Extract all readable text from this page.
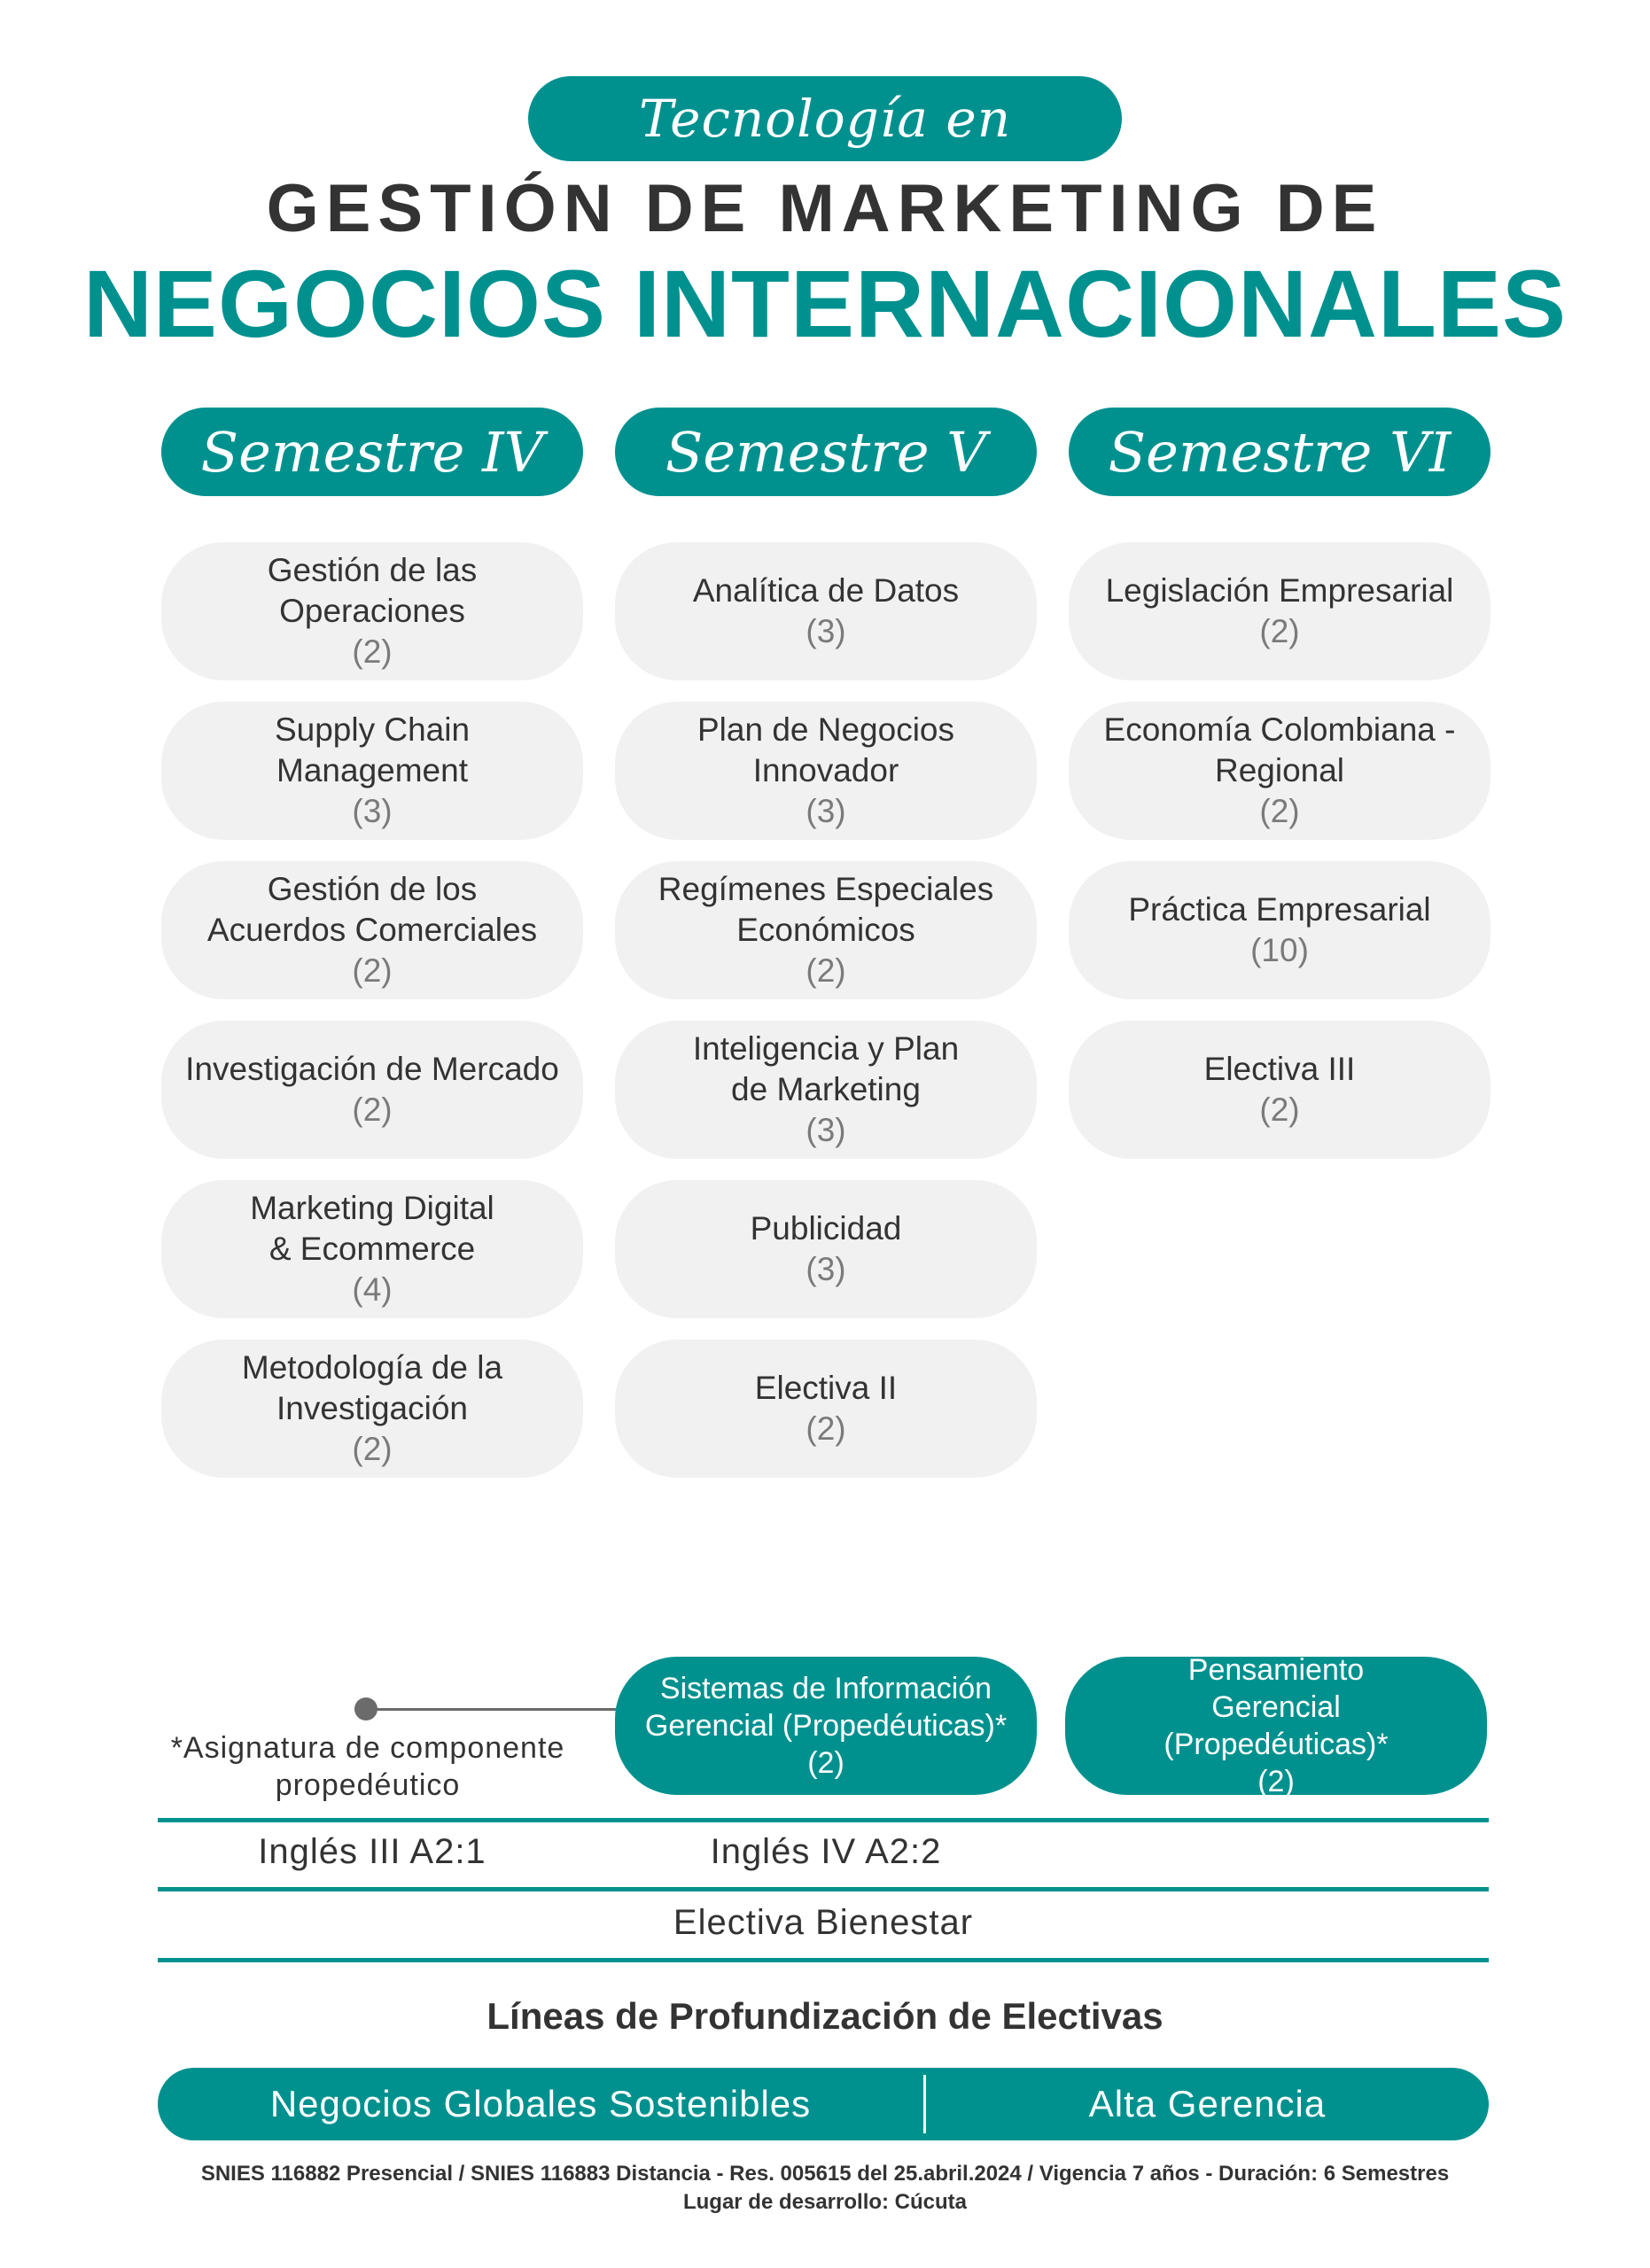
Tecnología en
GESTIÓN DE MARKETING DE
NEGOCIOS INTERNACIONALES
Semestre IV
Gestión de las Operaciones
(2)
Supply Chain Management
(3)
Gestión de los Acuerdos Comerciales
(2)
Investigación de Mercado
(2)
Marketing Digital & Ecommerce
(4)
Metodología de la Investigación
(2)
Semestre V
Analítica de Datos
(3)
Plan de Negocios Innovador
(3)
Regímenes Especiales Económicos
(2)
Inteligencia y Plan de Marketing
(3)
Publicidad
(3)
Electiva II
(2)
Semestre VI
Legislación Empresarial
(2)
Economía Colombiana - Regional
(2)
Práctica Empresarial
(10)
Electiva III
(2)
*Asignatura de componente propedéutico
Sistemas de Información Gerencial (Propedéuticas)*
(2)
Pensamiento Gerencial (Propedéuticas)*
(2)
Inglés III A2:1	Inglés IV A2:2
Electiva Bienestar
Líneas de Profundización de Electivas
Negocios Globales Sostenibles	Alta Gerencia
SNIES 116882 Presencial / SNIES 116883 Distancia - Res. 005615 del 25.abril.2024 / Vigencia 7 años - Duración: 6 Semestres
Lugar de desarrollo: Cúcuta
